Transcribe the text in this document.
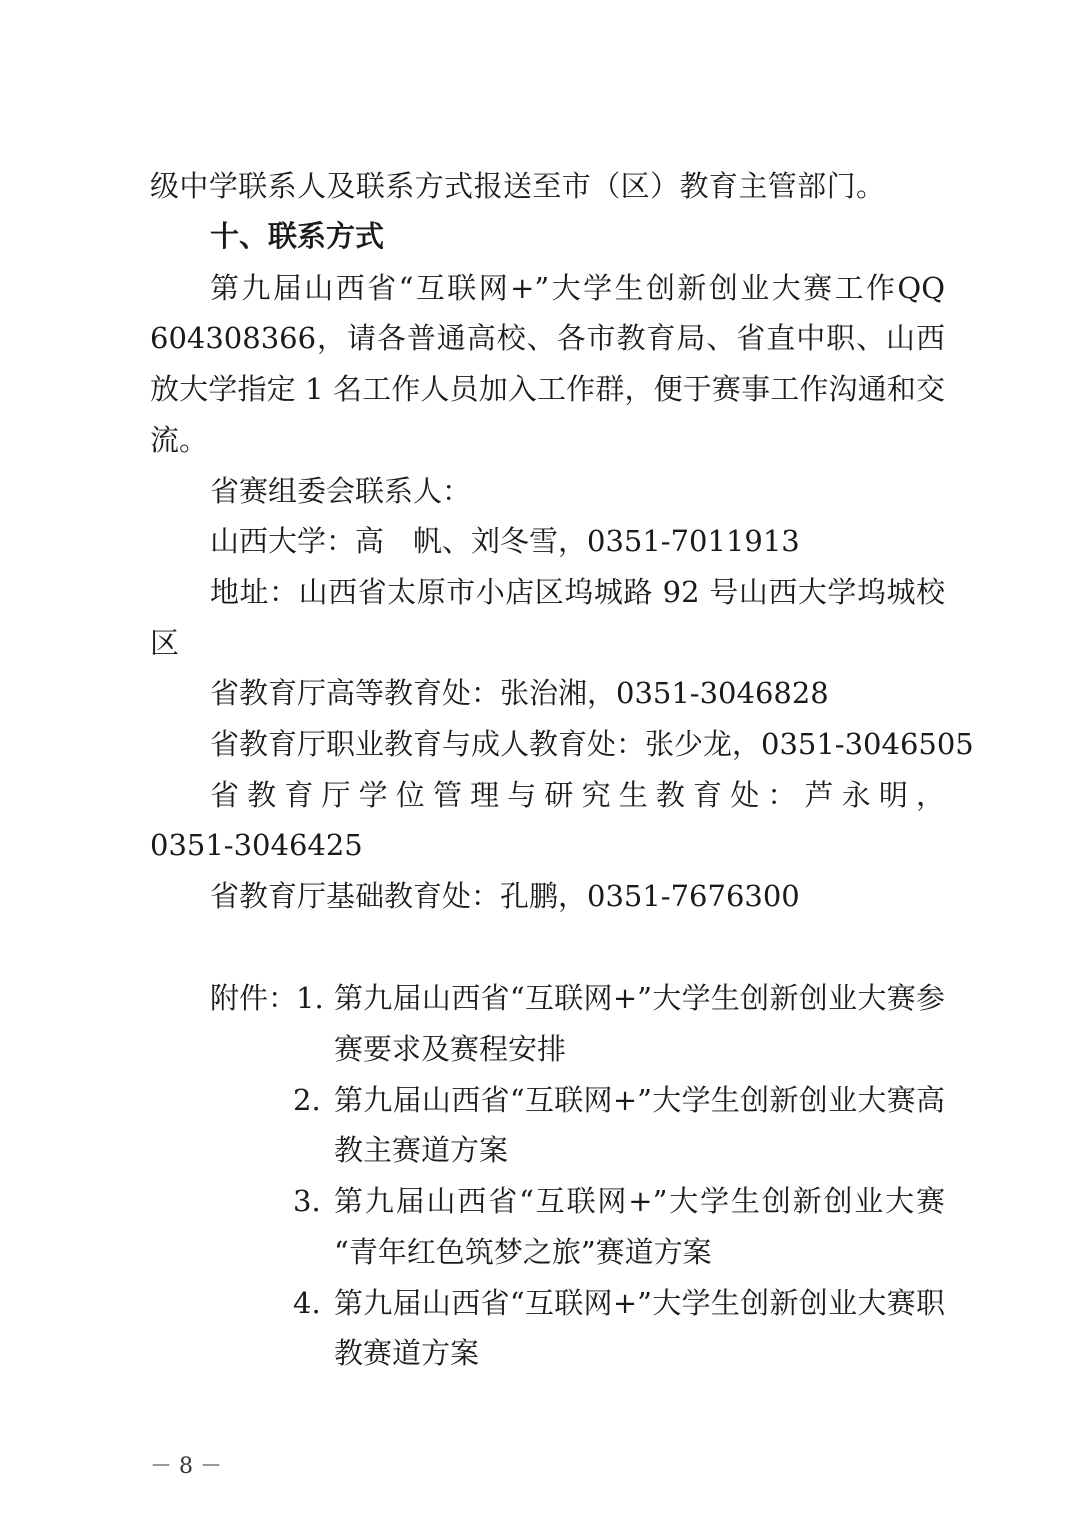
级中学联系人及联系方式报送至市（区）教育主管部门。
十、联系方式
第九届山西省“互联网+”大学生创新创业大赛工作QQ
604308366，请各普通高校、各市教育局、省直中职、山西
放大学指定 1 名工作人员加入工作群，便于赛事工作沟通和交
流。
省赛组委会联系人：
山西大学：高　帆、刘冬雪，0351-7011913
地址：山西省太原市小店区坞城路 92 号山西大学坞城校
区
省教育厅高等教育处：张治湘，0351-3046828
省教育厅职业教育与成人教育处：张少龙，0351-3046505
省教育厅学位管理与研究生教育处：芦永明，
0351-3046425
省教育厅基础教育处：孔鹏，0351-7676300
附件：
1. 第九届山西省“互联网+”大学生创新创业大赛参
赛要求及赛程安排
2. 第九届山西省“互联网+”大学生创新创业大赛高
教主赛道方案
3. 第九届山西省“互联网+”大学生创新创业大赛
“青年红色筑梦之旅”赛道方案
4. 第九届山西省“互联网+”大学生创新创业大赛职
教赛道方案
－ 8 －
